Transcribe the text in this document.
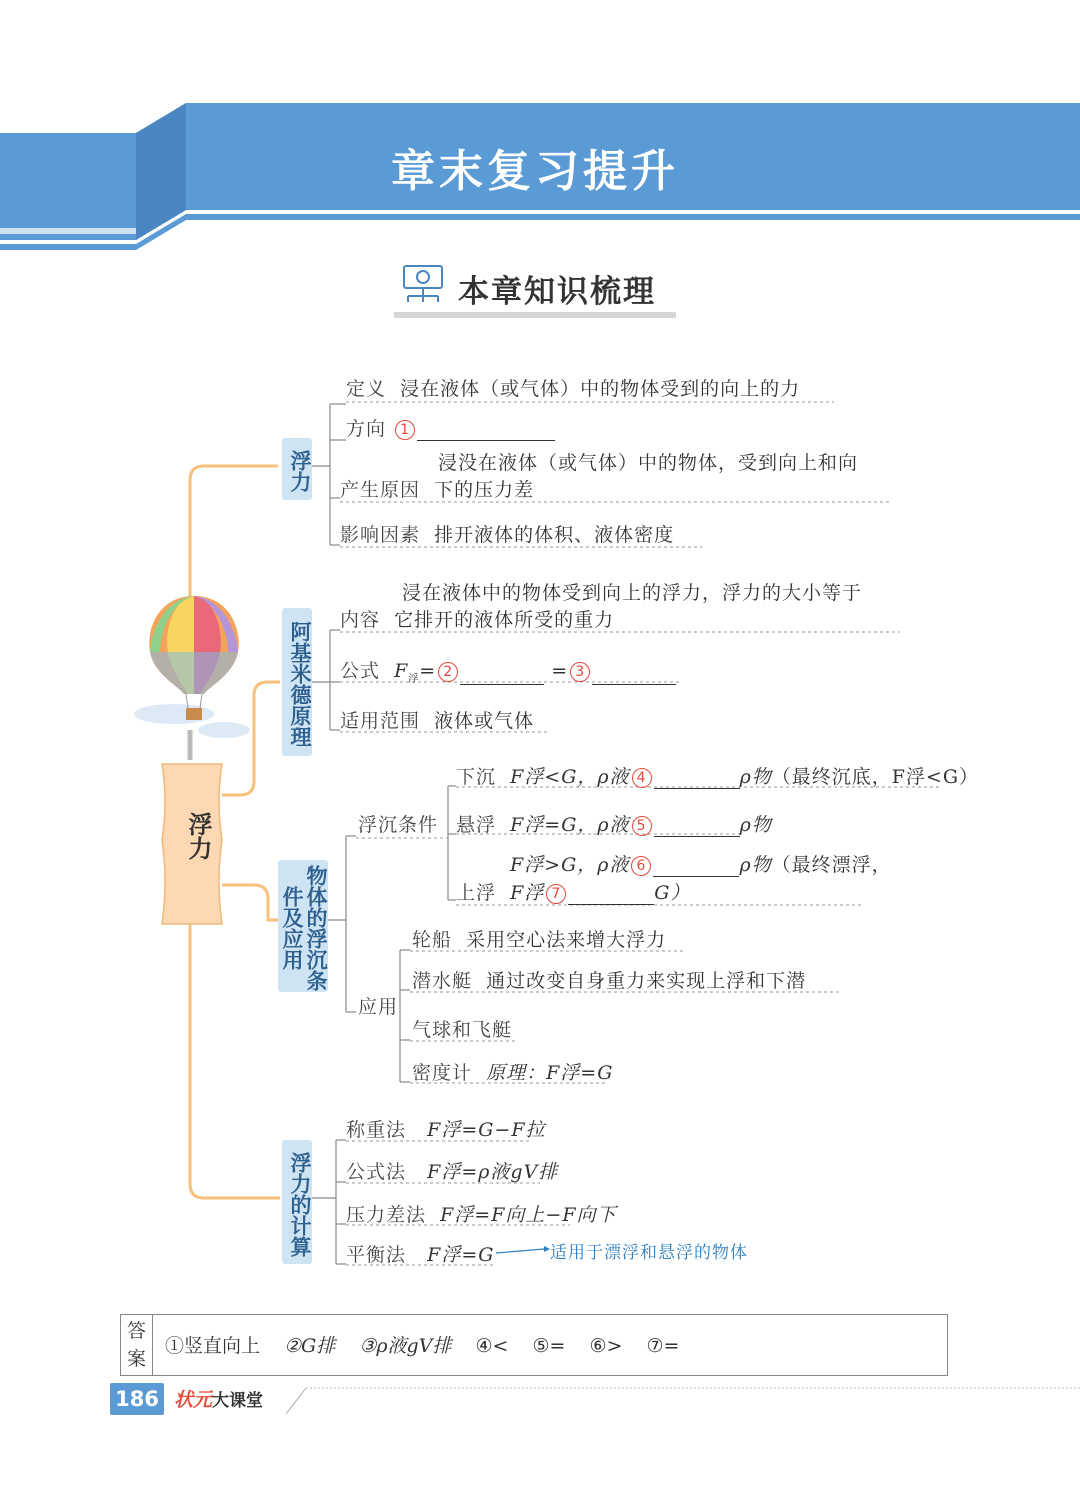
章末复习提升
本章知识梳理
浮力
浮力
阿基米德原理
物体的浮沉条件及应用
浮力的计算
定义 浸在液体（或气体）中的物体受到的向上的力
方向 1
浸没在液体（或气体）中的物体，受到向上和向
产生原因 下的压力差
影响因素 排开液体的体积、液体密度
浸在液体中的物体受到向上的浮力，浮力的大小等于
内容 它排开的液体所受的重力
公式 $F_浮= 2$	= 3
适用范围 液体或气体
浮沉条件
下沉 F浮<G，ρ液 4	ρ物（最终沉底，F浮<G）
悬浮 F浮=G，ρ液 5	ρ物
F浮>G，ρ液 6	ρ物（最终漂浮，
上浮 F浮 7	G）
应用
轮船 采用空心法来增大浮力
潜水艇 通过改变自身重力来实现上浮和下潜
气球和飞艇
密度计 原理：F浮=G
称重法 F浮=G−F拉
公式法 F浮=ρ液gV排
压力差法 F浮=F向上−F向下
平衡法 F浮=G	适用于漂浮和悬浮的物体
答案
①竖直向上 ②G排 ③ρ液gV排 ④< ⑤= ⑥> ⑦=
186 状元大课堂
